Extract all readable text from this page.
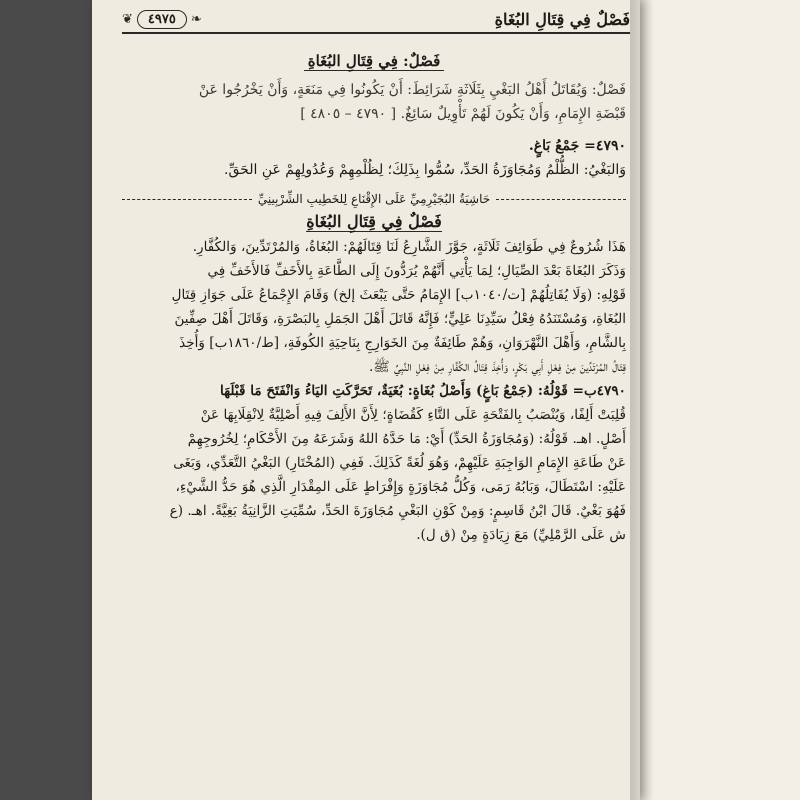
فَصْلٌ فِي قِتَالِ البُغَاةِ
❦	٤٩٧٥	❧
فَصْلٌ: فِي قِتَالِ البُغَاةِ

فَصْلٌ: وَيُقَاتَلُ أَهْلُ البَغْيِ بِثَلَاثَةِ شَرَائِطَ: أَنْ يَكُونُوا فِي مَنَعَةٍ، وَأَنْ يَخْرُجُوا عَنْ

قَبْضَةِ الإِمَامِ، وَأَنْ يَكُونَ لَهُمْ تَأْوِيلٌ سَائِغٌ. [ ٤٧٩٠ – ٤٨٠٥ ]

٤٧٩٠= جَمْعُ بَاغٍ.

وَالبَغْيُ: الظُّلْمُ وَمُجَاوَزَةُ الحَدِّ، سُمُّوا بِذَلِكَ؛ لِظُلْمِهِمْ وَعُدُولِهِمْ عَنِ الحَقِّ.

حَاشِيَةُ البُجَيْرِمِيِّ عَلَى الإِقْنَاعِ لِلخَطِيبِ الشِّرْبِينِيِّ
فَصْلٌ فِي قِتَالِ البُغَاةِ

هَذَا شُرُوعٌ فِي طَوَائِفَ ثَلَاثَةٍ، جَوَّزَ الشَّارِعُ لَنَا قِتَالَهُمْ: البُغَاةُ، وَالمُرْتَدِّينَ، وَالكُفَّارِ.

وَذَكَرَ البُغَاةَ بَعْدَ الصِّيَالِ؛ لِمَا يَأْتِي أَنَّهُمْ يُرَدُّونَ إِلَى الطَّاعَةِ بِالأَخَفِّ فَالأَخَفِّ فِي

قَوْلِهِ: (وَلَا يُقَاتِلُهُمْ [ت/١٠٤٠ب] الإِمَامُ حَتَّى يَبْعَثَ إلخ) وَقَامَ الإِجْمَاعُ عَلَى جَوَازِ قِتَالِ

البُغَاةِ، وَمُسْتَنَدُهُ فِعْلُ سَيِّدِنَا عَلِيٍّ؛ فَإِنَّهُ قَاتَلَ أَهْلَ الجَمَلِ بِالبَصْرَةِ، وَقَاتَلَ أَهْلَ صِفِّينَ

بِالشَّامِ، وَأَهْلَ النَّهْرَوَانِ، وَهُمْ طَائِفَةٌ مِنَ الخَوَارِجِ بِنَاحِيَةِ الكُوفَةِ، [ط/١٨٦٠ب] وَأُخِذَ

قِتَالُ المُرْتَدِّينَ مِنْ فِعْلِ أَبِي بَكْرٍ، وَأُخِذَ قِتَالُ الكُفَّارِ مِنْ فِعْلِ النَّبِيِّ ﷺ.

٤٧٩٠ب= قَوْلُهُ: (جَمْعُ بَاغٍ) وَأَصْلُ بُغَاةٍ: بُغَيَةٌ، تَحَرَّكَتِ اليَاءُ وَانْفَتَحَ مَا قَبْلَهَا

قُلِبَتْ أَلِفًا، وَيُنْصَبُ بِالفَتْحَةِ عَلَى التَّاءِ كَقُضَاةٍ؛ لِأَنَّ الأَلِفَ فِيهِ أَصْلِيَّةٌ لِانْقِلَابِهَا عَنْ

أَصْلٍ. اهـ. قَوْلُهُ: (وَمُجَاوَزَةُ الحَدِّ) أَيْ: مَا حَدَّهُ اللهُ وَشَرَعَهُ مِنَ الأَحْكَامِ؛ لِخُرُوجِهِمْ

عَنْ طَاعَةِ الإِمَامِ الوَاجِبَةِ عَلَيْهِمْ، وَهُوَ لُغَةً كَذَلِكَ. فَفِي (المُخْتَارِ) البَغْيُ التَّعَدِّي، وَبَغَى

عَلَيْهِ: اسْتَطَالَ، وَبَابُهُ رَمَى، وَكُلُّ مُجَاوَزَةٍ وَإِفْرَاطٍ عَلَى المِقْدَارِ الَّذِي هُوَ حَدُّ الشَّيْءِ،

فَهُوَ بَغْيٌ. قَالَ ابْنُ قَاسِمٍ: وَمِنْ كَوْنِ البَغْيِ مُجَاوَزَةَ الحَدِّ، سُمِّيَتِ الزَّانِيَةُ بَغِيَّةً. اهـ. (ع

ش عَلَى الرَّمْلِيِّ) مَعَ زِيَادَةٍ مِنْ (ق ل).
